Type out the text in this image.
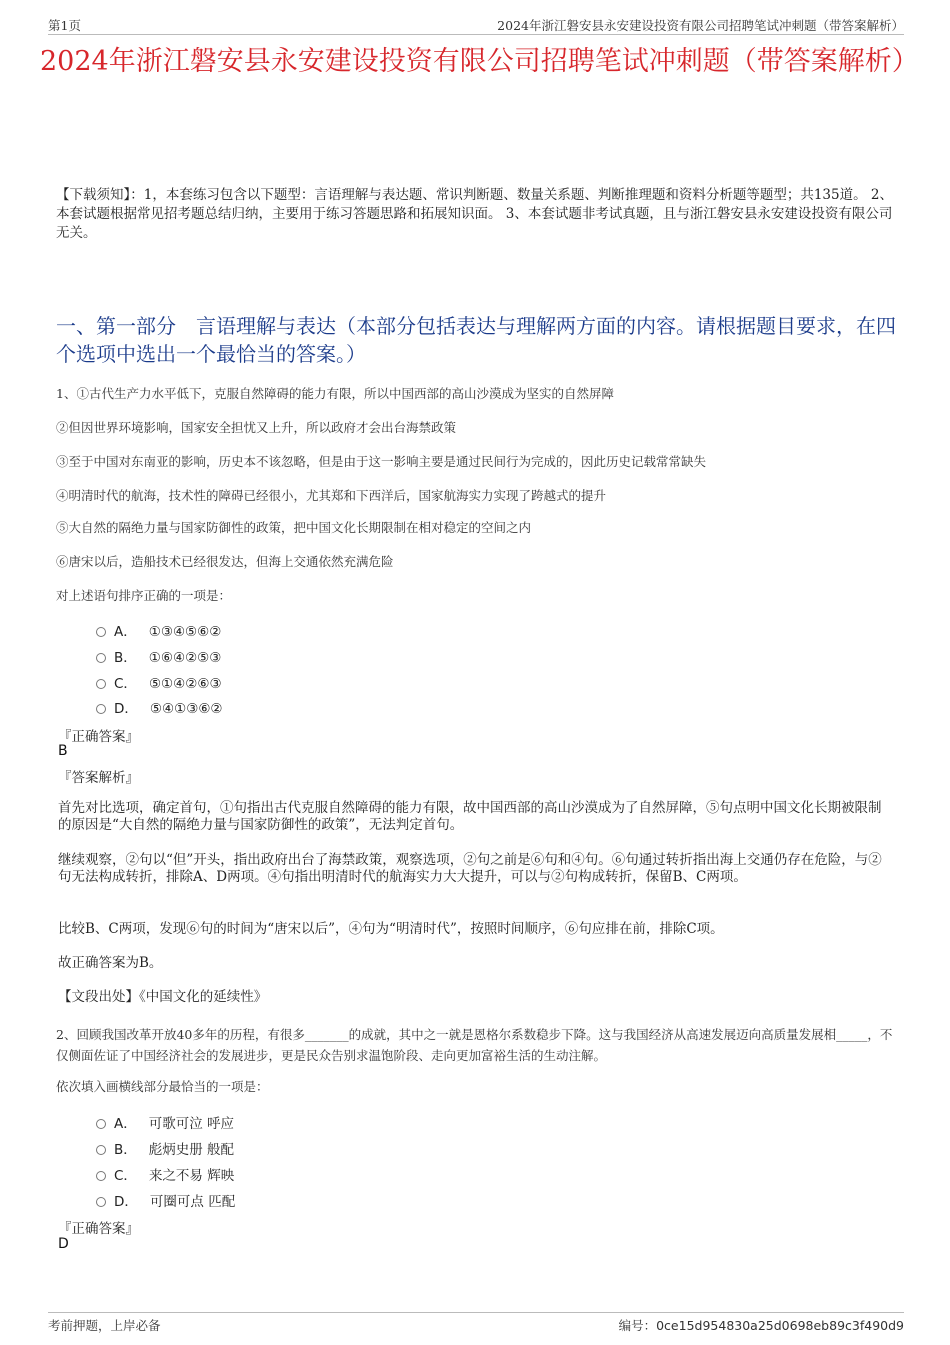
第1页	2024年浙江磐安县永安建设投资有限公司招聘笔试冲刺题（带答案解析）
2024年浙江磐安县永安建设投资有限公司招聘笔试冲刺题（带答案解析）
【下载须知】：1，本套练习包含以下题型：言语理解与表达题、常识判断题、数量关系题、判断推理题和资料分析题等题型；共135道。 2、本套试题根据常见招考题总结归纳，主要用于练习答题思路和拓展知识面。 3、本套试题非考试真题，且与浙江磐安县永安建设投资有限公司无关。
一、第一部分　言语理解与表达（本部分包括表达与理解两方面的内容。请根据题目要求，在四个选项中选出一个最恰当的答案。）
1、①古代生产力水平低下，克服自然障碍的能力有限，所以中国西部的高山沙漠成为坚实的自然屏障
②但因世界环境影响，国家安全担忧又上升，所以政府才会出台海禁政策
③至于中国对东南亚的影响，历史本不该忽略，但是由于这一影响主要是通过民间行为完成的，因此历史记载常常缺失
④明清时代的航海，技术性的障碍已经很小，尤其郑和下西洋后，国家航海实力实现了跨越式的提升
⑤大自然的隔绝力量与国家防御性的政策，把中国文化长期限制在相对稳定的空间之内
⑥唐宋以后，造船技术已经很发达，但海上交通依然充满危险
对上述语句排序正确的一项是：
A． ①③④⑤⑥②
B． ①⑥④②⑤③
C． ⑤①④②⑥③
D． ⑤④①③⑥②
『正确答案』
B
『答案解析』
首先对比选项，确定首句，①句指出古代克服自然障碍的能力有限，故中国西部的高山沙漠成为了自然屏障，⑤句点明中国文化长期被限制的原因是“大自然的隔绝力量与国家防御性的政策”，无法判定首句。
继续观察，②句以“但”开头，指出政府出台了海禁政策，观察选项，②句之前是⑥句和④句。⑥句通过转折指出海上交通仍存在危险，与②句无法构成转折，排除A、D两项。④句指出明清时代的航海实力大大提升，可以与②句构成转折，保留B、C两项。
比较B、C两项，发现⑥句的时间为“唐宋以后”，④句为“明清时代”，按照时间顺序，⑥句应排在前，排除C项。
故正确答案为B。
【文段出处】《中国文化的延续性》
2、回顾我国改革开放40多年的历程，有很多_______的成就，其中之一就是恩格尔系数稳步下降。这与我国经济从高速发展迈向高质量发展相_____，不仅侧面佐证了中国经济社会的发展进步，更是民众告别求温饱阶段、走向更加富裕生活的生动注解。
依次填入画横线部分最恰当的一项是：
A． 可歌可泣 呼应
B． 彪炳史册 般配
C． 来之不易 辉映
D． 可圈可点 匹配
『正确答案』
D
考前押题，上岸必备	编号：0ce15d954830a25d0698eb89c3f490d9
